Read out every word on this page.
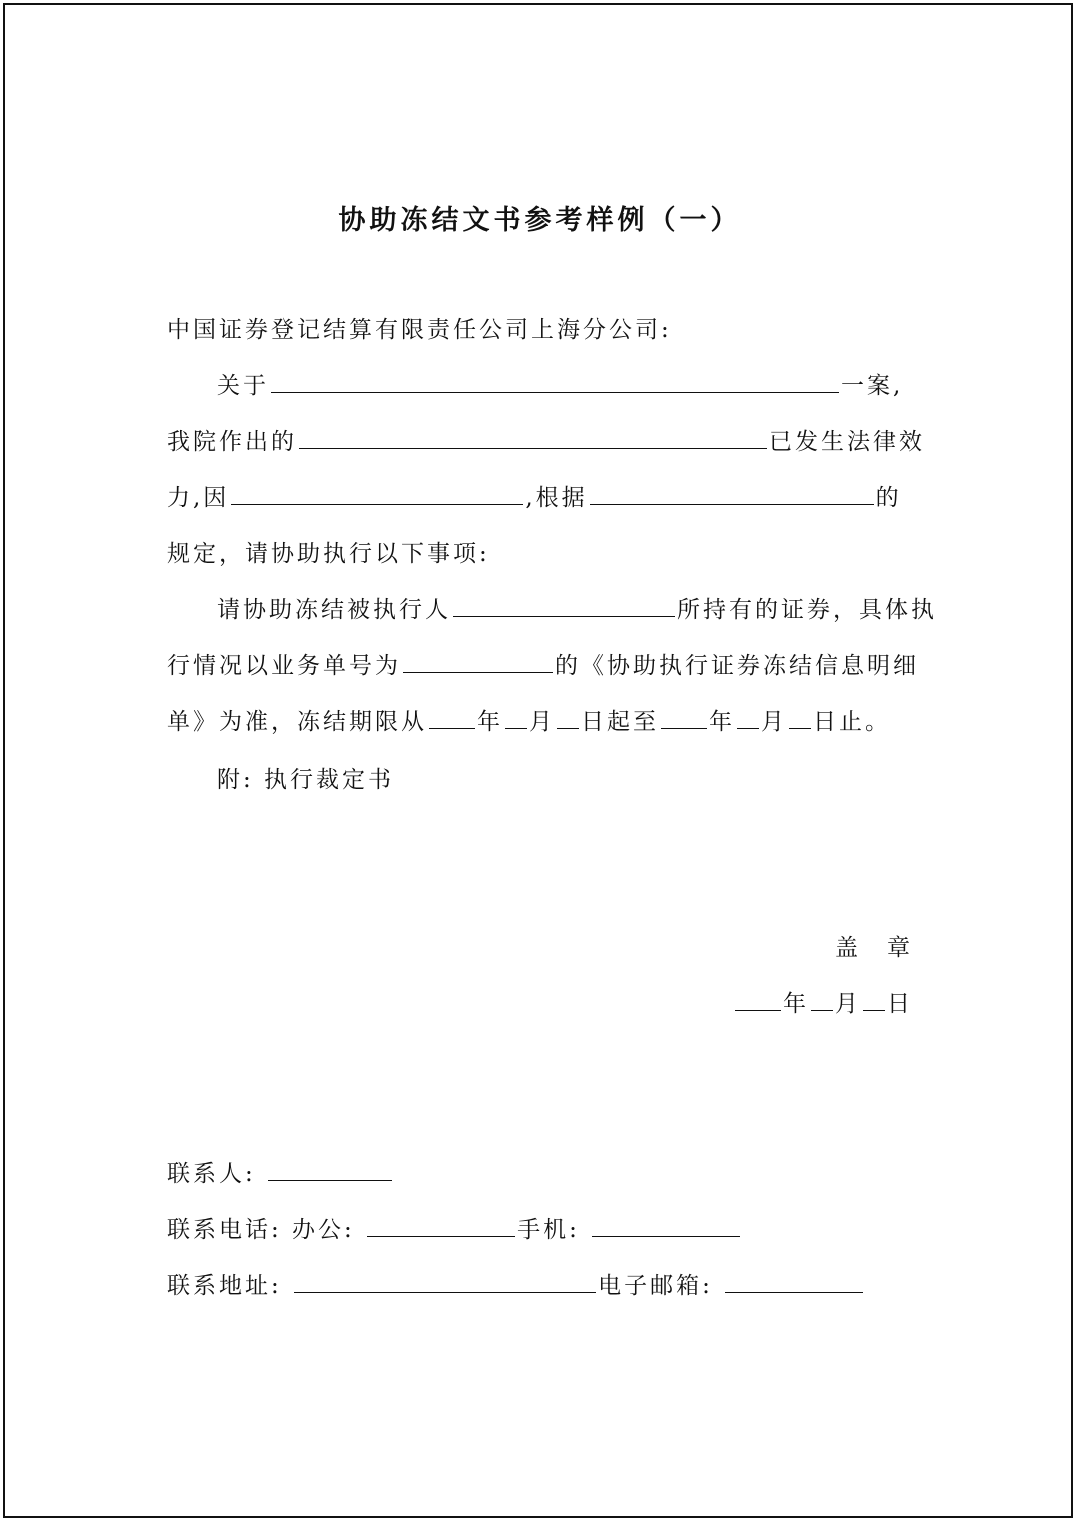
协助冻结文书参考样例（一）
中国证券登记结算有限责任公司上海分公司:
关于	一案,
我院作出的	已发生法律效
力,因	,根据	的
规定，请协助执行以下事项:
请协助冻结被执行人	所持有的证券，具体执
行情况以业务单号为	的《协助执行证券冻结信息明细
单》为准，冻结期限从 年 月 日起至 年 月 日止。
附: 执行裁定书
盖　章
年 月 日
联系人:
联系电话: 办公:	手机:
联系地址:	电子邮箱:
